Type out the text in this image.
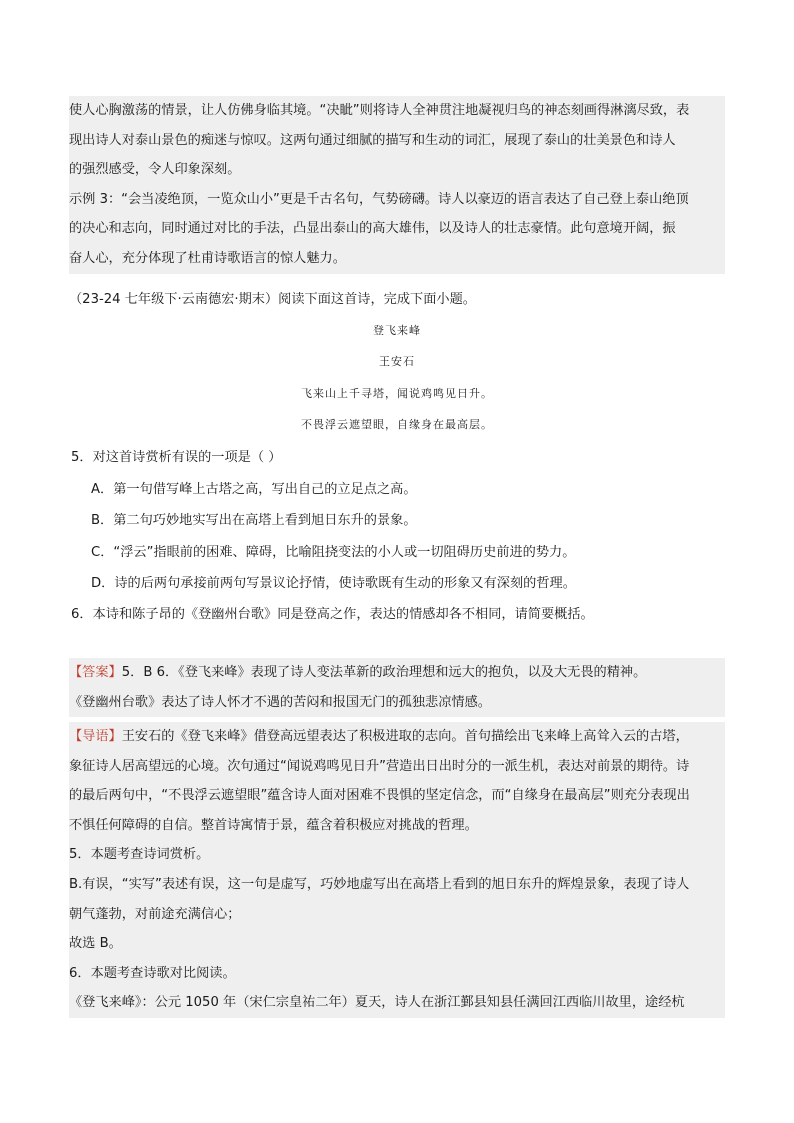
使人心胸激荡的情景，让人仿佛身临其境。“决眦”则将诗人全神贯注地凝视归鸟的神态刻画得淋漓尽致，表
现出诗人对泰山景色的痴迷与惊叹。这两句通过细腻的描写和生动的词汇，展现了泰山的壮美景色和诗人
的强烈感受，令人印象深刻。
示例 3：“会当凌绝顶，一览众山小”更是千古名句，气势磅礴。诗人以豪迈的语言表达了自己登上泰山绝顶
的决心和志向，同时通过对比的手法，凸显出泰山的高大雄伟，以及诗人的壮志豪情。此句意境开阔，振
奋人心，充分体现了杜甫诗歌语言的惊人魅力。
（23-24 七年级下·云南德宏·期末）阅读下面这首诗，完成下面小题。
登飞来峰
王安石
飞来山上千寻塔，闻说鸡鸣见日升。
不畏浮云遮望眼，自缘身在最高层。
5．对这首诗赏析有误的一项是（ ）
A．第一句借写峰上古塔之高，写出自己的立足点之高。
B．第二句巧妙地实写出在高塔上看到旭日东升的景象。
C．“浮云”指眼前的困难、障碍，比喻阻挠变法的小人或一切阻碍历史前进的势力。
D．诗的后两句承接前两句写景议论抒情，使诗歌既有生动的形象又有深刻的哲理。
6．本诗和陈子昂的《登幽州台歌》同是登高之作，表达的情感却各不相同，请简要概括。
【答案】5．B 6．《登飞来峰》表现了诗人变法革新的政治理想和远大的抱负，以及大无畏的精神。
《登幽州台歌》表达了诗人怀才不遇的苦闷和报国无门的孤独悲凉情感。
【导语】王安石的《登飞来峰》借登高远望表达了积极进取的志向。首句描绘出飞来峰上高耸入云的古塔，
象征诗人居高望远的心境。次句通过“闻说鸡鸣见日升”营造出日出时分的一派生机，表达对前景的期待。诗
的最后两句中，“不畏浮云遮望眼”蕴含诗人面对困难不畏惧的坚定信念，而“自缘身在最高层”则充分表现出
不惧任何障碍的自信。整首诗寓情于景，蕴含着积极应对挑战的哲理。
5．本题考查诗词赏析。
B.有误，“实写”表述有误，这一句是虚写，巧妙地虚写出在高塔上看到的旭日东升的辉煌景象，表现了诗人
朝气蓬勃，对前途充满信心；
故选 B。
6．本题考查诗歌对比阅读。
《登飞来峰》：公元 1050 年（宋仁宗皇祐二年）夏天，诗人在浙江鄞县知县任满回江西临川故里，途经杭
